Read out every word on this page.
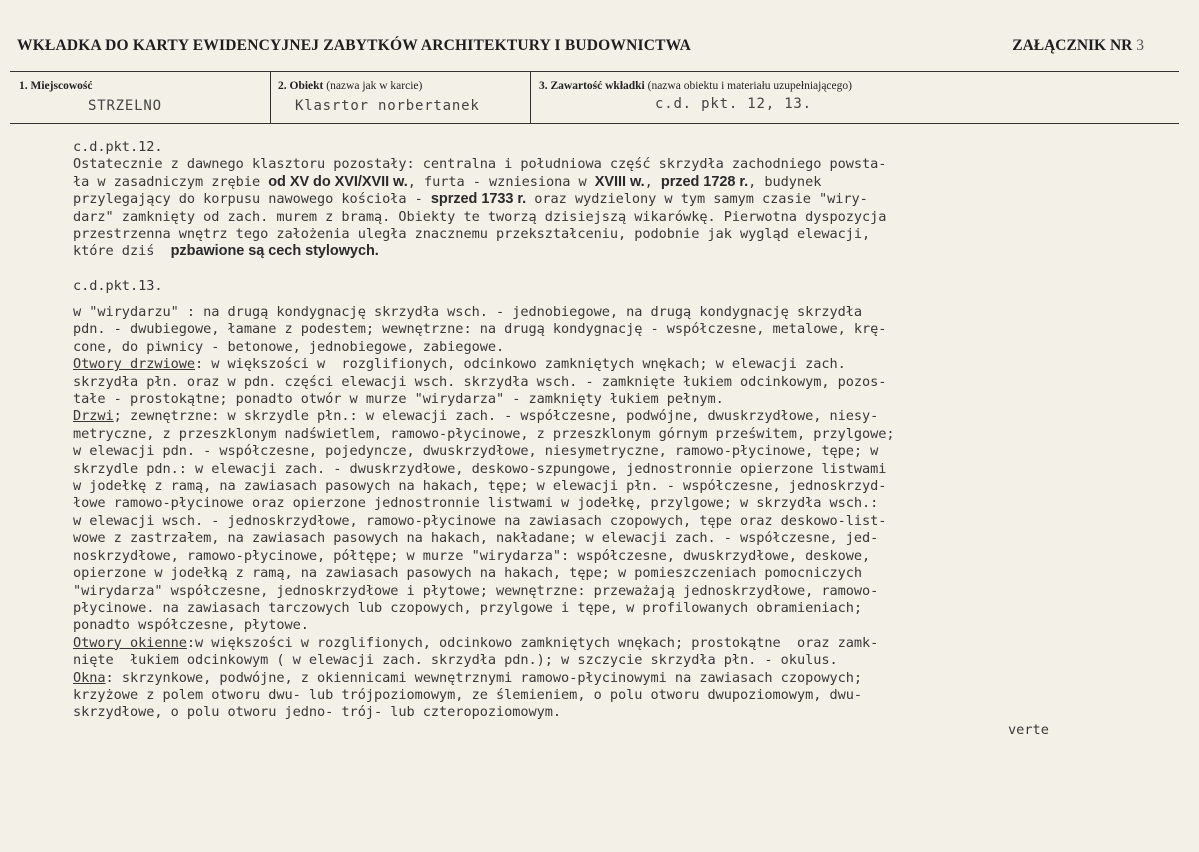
WKŁADKA DO KARTY EWIDENCYJNEJ ZABYTKÓW ARCHITEKTURY I BUDOWNICTWA	ZAŁĄCZNIK NR 3
1. Miejscowość
STRZELNO
2. Obiekt (nazwa jak w karcie)
Klasrtor norbertanek
3. Zawartość wkładki (nazwa obiektu i materiału uzupełniającego)
c.d. pkt. 12, 13.
c.d.pkt.12.
Ostatecznie z dawnego klasztoru pozostały: centralna i południowa część skrzydła zachodniego powsta-
ła w zasadniczym zrębie od XV do XVI/XVII w., furta - wzniesiona w XVIII w., przed 1728 r., budynek
przylegający do korpusu nawowego kościoła - sprzed 1733 r. oraz wydzielony w tym samym czasie "wiry-
darz" zamknięty od zach. murem z bramą. Obiekty te tworzą dzisiejszą wikarówkę. Pierwotna dyspozycja
przestrzenna wnętrz tego założenia uległa znacznemu przekształceniu, podobnie jak wygląd elewacji,
które dziś  pzbawione są cech stylowych.
c.d.pkt.13.
w "wirydarzu" : na drugą kondygnację skrzydła wsch. - jednobiegowe, na drugą kondygnację skrzydła
pdn. - dwubiegowe, łamane z podestem; wewnętrzne: na drugą kondygnację - współczesne, metalowe, krę-
cone, do piwnicy - betonowe, jednobiegowe, zabiegowe.
Otwory drzwiowe: w większości w  rozglifionych, odcinkowo zamkniętych wnękach; w elewacji zach.
skrzydła płn. oraz w pdn. części elewacji wsch. skrzydła wsch. - zamknięte łukiem odcinkowym, pozos-
tałe - prostokątne; ponadto otwór w murze "wirydarza" - zamknięty łukiem pełnym.
Drzwi; zewnętrzne: w skrzydle płn.: w elewacji zach. - współczesne, podwójne, dwuskrzydłowe, niesy-
metryczne, z przeszklonym nadświetlem, ramowo-płycinowe, z przeszklonym górnym prześwitem, przylgowe;
w elewacji pdn. - współczesne, pojedyncze, dwuskrzydłowe, niesymetryczne, ramowo-płycinowe, tępe; w
skrzydle pdn.: w elewacji zach. - dwuskrzydłowe, deskowo-szpungowe, jednostronnie opierzone listwami
w jodełkę z ramą, na zawiasach pasowych na hakach, tępe; w elewacji płn. - współczesne, jednoskrzyd-
łowe ramowo-płycinowe oraz opierzone jednostronnie listwami w jodełkę, przylgowe; w skrzydła wsch.:
w elewacji wsch. - jednoskrzydłowe, ramowo-płycinowe na zawiasach czopowych, tępe oraz deskowo-list-
wowe z zastrzałem, na zawiasach pasowych na hakach, nakładane; w elewacji zach. - współczesne, jed-
noskrzydłowe, ramowo-płycinowe, półtępe; w murze "wirydarza": współczesne, dwuskrzydłowe, deskowe,
opierzone w jodełką z ramą, na zawiasach pasowych na hakach, tępe; w pomieszczeniach pomocniczych
"wirydarza" współczesne, jednoskrzydłowe i płytowe; wewnętrzne: przeważają jednoskrzydłowe, ramowo-
płycinowe. na zawiasach tarczowych lub czopowych, przylgowe i tępe, w profilowanych obramieniach;
ponadto współczesne, płytowe.
Otwory okienne:w większości w rozglifionych, odcinkowo zamkniętych wnękach; prostokątne  oraz zamk-
nięte  łukiem odcinkowym ( w elewacji zach. skrzydła pdn.); w szczycie skrzydła płn. - okulus.
Okna: skrzynkowe, podwójne, z okiennicami wewnętrznymi ramowo-płycinowymi na zawiasach czopowych;
krzyżowe z polem otworu dwu- lub trójpoziomowym, ze ślemieniem, o polu otworu dwupoziomowym, dwu-
skrzydłowe, o polu otworu jedno- trój- lub czteropoziomowym.
verte
